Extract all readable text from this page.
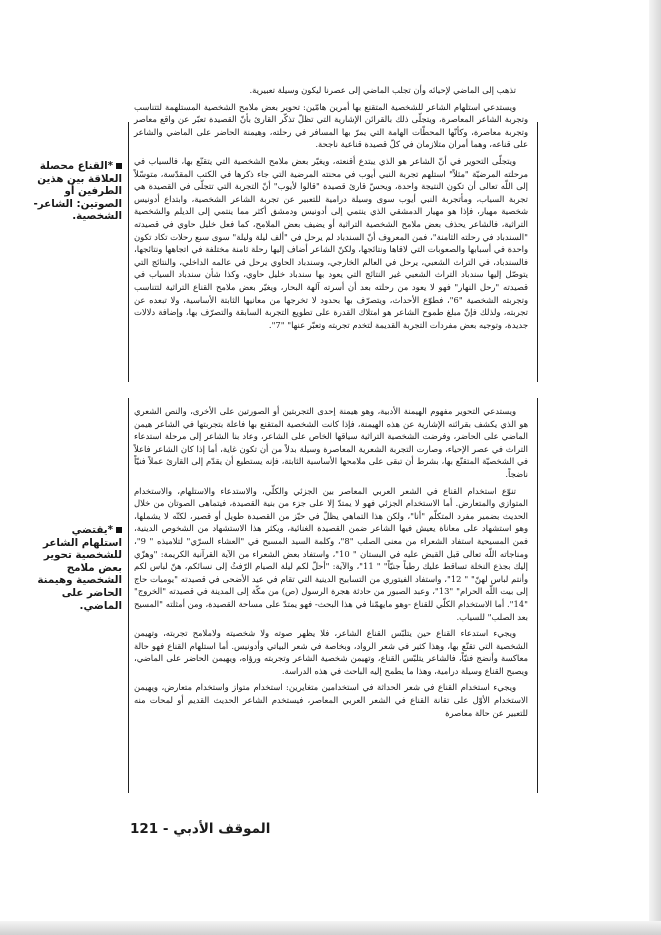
تذهب إلى الماضي لإحيائه وأن تجلب الماضي إلى عصرنا ليكون وسيلة تعبيرية.

ويستدعي استلهام الشاعر للشخصية المتقنع بها أمرين هامّين: تحوير بعض ملامح الشخصية المستلهمة لتتناسب وتجربة الشاعر المعاصرة، ويتجلّى ذلك بالقرائن الإشارية التي تظلّ تذكّر القارئ بأنّ القصيدة تعبّر عن واقع معاصر وتجربة معاصرة، وكأنّها المحطّات الهامة التي يمرّ بها المسافر في رحلته، وهيمنة الحاضر على الماضي والشاعر على قناعه، وهما أمران متلازمان في كلّ قصيدة قناعية ناجحة.

ويتجلّى التحوير في أنّ الشاعر هو الذي يبتدع أقنعته، ويغيّر بعض ملامح الشخصية التي يتقنّع بها، فالسياب في مرحلته المرضيّة "مثلاً" استلهم تجربة النبي أيوب في محنته المرضية التي جاء ذكرها في الكتب المقدّسة، متوسّلاً إلى اللّه تعالى أن تكون النتيجة واحدة، ويحسّ قارئ قصيدة "قالوا لأيوب" أنّ التجربة التي تتجلّى في القصيدة هي تجربة السياب، ومأتجربة النبي أيوب سوى وسيلة درامية للتعبير عن تجربة الشاعر الشخصية، وابتداع أدونيس شخصية مهيار، فإذا هو مهيار الدمشقي الذي ينتمي إلى أدونيس ودمشق أكثر مما ينتمي إلى الديلم والشخصية التراثية، فالشاعر يحذف بعض ملامح الشخصية التراثية أو يضيف بعض الملامح، كما فعل خليل حاوي في قصيدته "السندباد في رحلته الثامنة"، فمن المعروف أنّ السندباد لم يرحل في "ألف ليلة وليلة" سوى سبع رحلات تكاد تكون واحدة في أسبابها والصعوبات التي لاقاها ونتائجها، ولكنّ الشاعر أضاف إليها رحلة ثامنة مختلفة في اتجاهها ونتائجها، فالسندباد، في التراث الشعبي، يرحل في العالم الخارجي، وسندباد الحاوي يرحل في عالمه الداخلي، والنتائج التي يتوصّل إليها سندباد التراث الشعبي غير النتائج التي يعود بها سندباد خليل حاوي، وكذا شأن سندباد السياب في قصيدته "رحل النهار" فهو لا يعود من رحلته بعد أن أسرته آلهة البحار، ويغيّر بعض ملامح القناع التراثية لتتناسب وتجربته الشخصية "6"، فطوّع الأحداث، ويتصرّف بها بحدود لا تخرجها من معانيها الثابتة الأساسية، ولا تبعده عن تجربته، ولذلك فإنّ مبلغ طموح الشاعر هو امتلاك القدرة على تطويع التجربة السابقة والتصرّف بها، وإضافة دلالات جديدة، وتوجيه بعض مفردات التجربة القديمة لتخدم تجربته وتعبّر عنها" "7".

ويستدعي التحوير مفهوم الهيمنة الأدبية، وهو هيمنة إحدى التجربتين أو الصورتين على الأخرى، والنص الشعري هو الذي يكشف بقرائنه الإشارية عن هذه الهيمنة، فإذا كانت الشخصية المتقنع بها فاعلة بتجربتها في الشاعر هيمن الماضي على الحاضر، وفرضت الشخصية التراثية سياقها الخاص على الشاعر، وعاد بنا الشاعر إلى مرحلة استدعاء التراث في عصر الإحياء، وصارت التجربة الشعرية المعاصرة وسيلة بدلاً من أن تكون غاية، أما إذا كان الشاعر فاعلاً في الشخصيّة المتقنّع بها، بشرط أن تبقى على ملامحها الأساسية الثابتة، فإنه يستطيع أن يقدّم إلى القارئ عملاً فنيّاً ناضجاً.

تنوّع استخدام القناع في الشعر العربي المعاصر بين الجزئي والكلّي، والاستدعاء والاستلهام، والاستخدام المتوازي والمتعارض. أما الاستخدام الجزئي فهو لا يمتدّ إلا على جزء من بنية القصيدة، فيتماهى الصوتان من خلال الحديث بضمير مفرد المتكلّم "أنا"، ولكن هذا التماهي يظلّ في حيّز من القصيدة طويل أو قصير، لكنّه لا يشملها، وهو استشهاد على معاناة يعيش فيها الشاعر ضمن القصيدة الغنائية، ويكثر هذا الاستشهاد من الشخوص الدينية، فمن المسيحية استفاد الشعراء من معنى الصلب "8"، وكلمة السيد المسيح في "العشاء السرّي" لتلاميذه " 9"، ومناجاته اللّه تعالى قبل القبض عليه في البستان " 10"، واستفاد بعض الشعراء من الآية القرآنية الكريمة: "وهزّي إليك بجذع النخلة تساقط عليك رطباً جنيّاً" " 11"، والآية: "أحلّ لكم ليلة الصيام الرّفثُ إلى نسائكم، هنّ لباس لكم وأنتم لباس لهنّ" " 12"، واستفاد الفيتوري من التسابيح الدينية التي تقام في عيد الأضحى في قصيدته "يوميات حاج إلى بيت اللّه الحرام" "13"، وعبد الصبور من حادثة هجرة الرسول (ص) من مكّة إلى المدينة في قصيدته "الخروج" "14". أما الاستخدام الكلّي للقناع -وهو مايهمّنا في هذا البحث- فهو يمتدّ على مساحة القصيدة، ومن أمثلته "المسيح بعد الصلب" للسياب.

ويجيء استدعاء القناع حين يتلبّس القناع الشاعر، فلا يظهر صوته ولا شخصيته ولاملامح تجربته، وتهيمن الشخصية التي تقنّع بها، وهذا كثير في شعر الرواد، وبخاصة في شعر البياتي وأدونيس. أما استلهام القناع فهو حالة معاكسة وأنضج فنيّاً، فالشاعر يتلبّس القناع، وتهيمن شخصية الشاعر وتجربته ورؤاه، ويهيمن الحاضر على الماضي، ويصبح القناع وسيلة درامية، وهذا ما يطمح إليه الباحث في هذه الدراسة.

ويجيء استخدام القناع في شعر الحداثة في استخدامين متغايرين: استخدام متواز واستخدام متعارض، ويهيمن الاستخدام الأوّل على تقانة القناع في الشعر العربي المعاصر، فيستخدم الشاعر الحديث القديم أو لمحات منه للتعبير عن حالة معاصرة

*القناع محصلة العلاقة بين هذين الطرفين أو الصوتين: الشاعر- الشخصية.
*يقتضي استلهام الشاعر للشخصية تحوير بعض ملامح الشخصية وهيمنة الحاضر على الماضي.
الموقف الأدبي - 121
